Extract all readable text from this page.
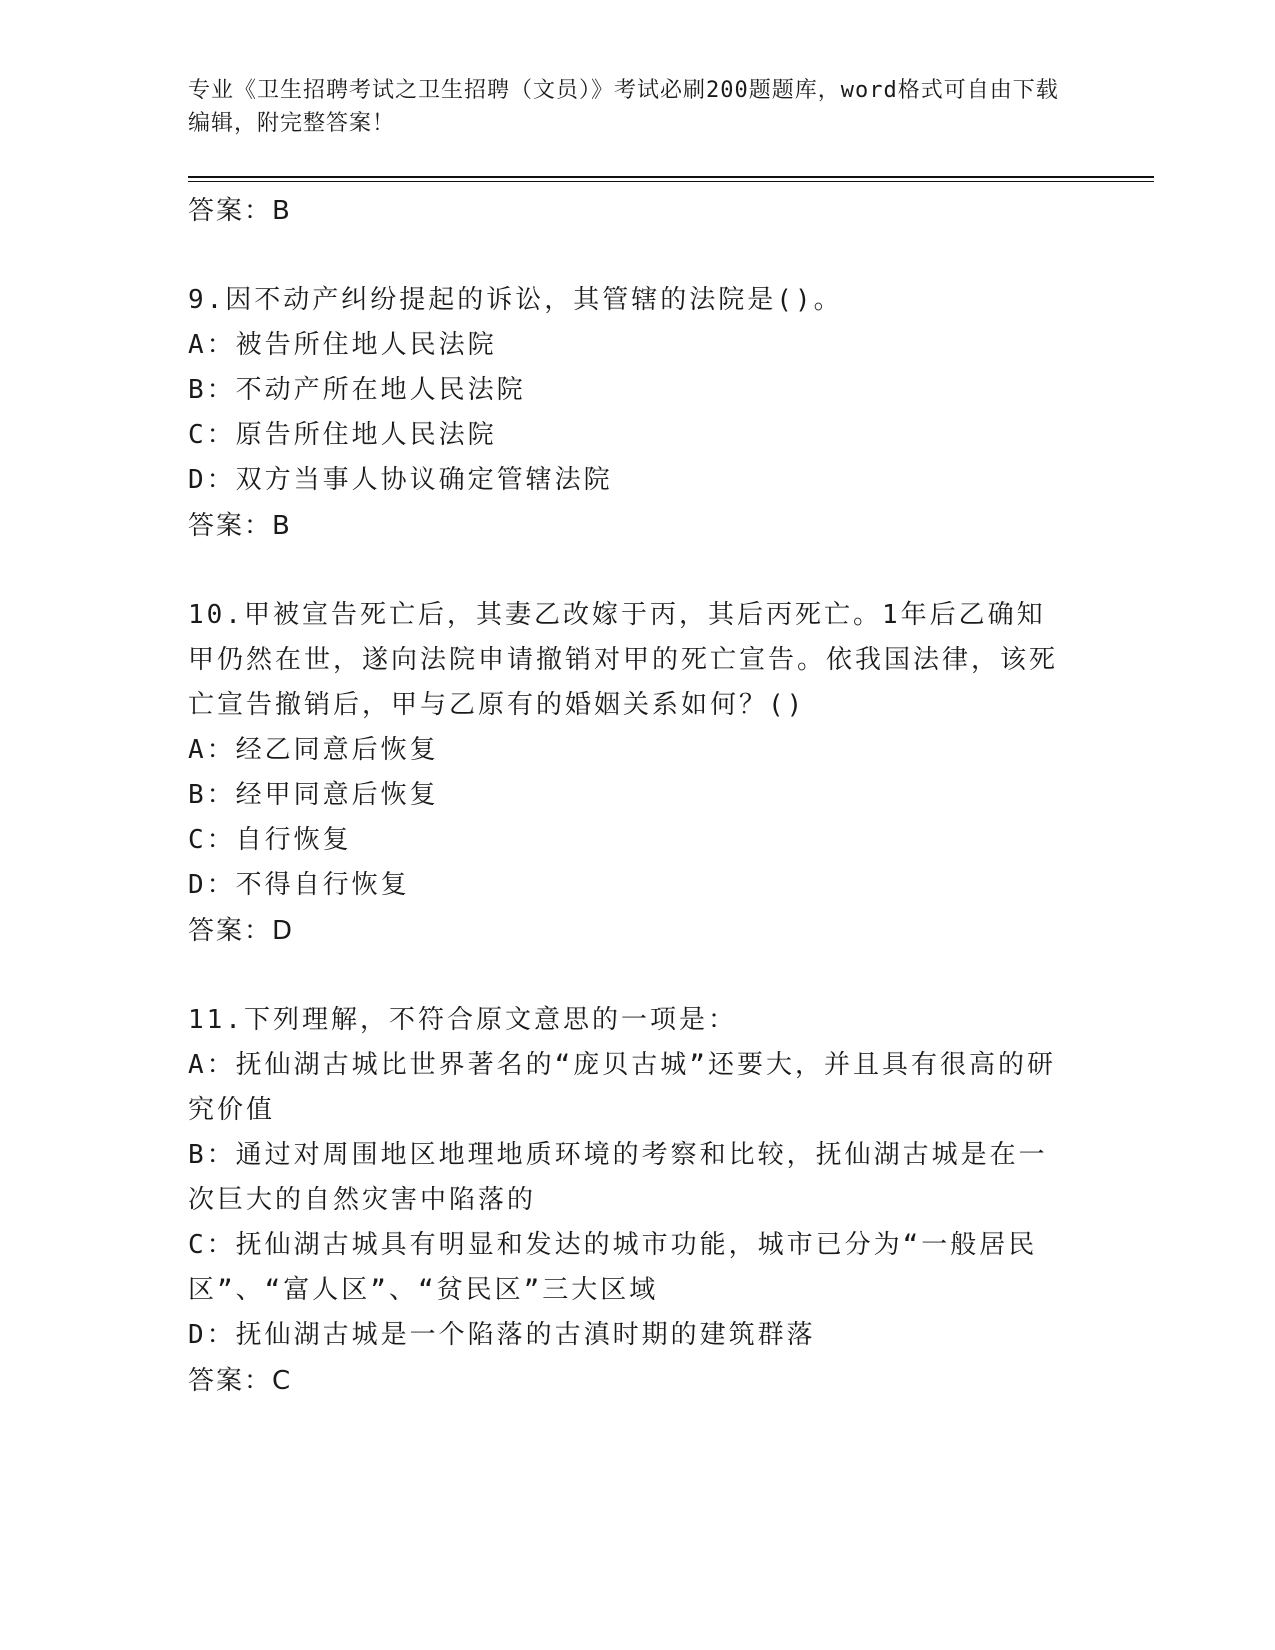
专业《卫生招聘考试之卫生招聘（文员）》考试必刷200题题库，word格式可自由下载编辑，附完整答案！
答案：B
9.因不动产纠纷提起的诉讼，其管辖的法院是()。
A：被告所住地人民法院
B：不动产所在地人民法院
C：原告所住地人民法院
D：双方当事人协议确定管辖法院
答案：B
10.甲被宣告死亡后，其妻乙改嫁于丙，其后丙死亡。1年后乙确知甲仍然在世，遂向法院申请撤销对甲的死亡宣告。依我国法律，该死亡宣告撤销后，甲与乙原有的婚姻关系如何？()
A：经乙同意后恢复
B：经甲同意后恢复
C：自行恢复
D：不得自行恢复
答案：D
11.下列理解，不符合原文意思的一项是：
A：抚仙湖古城比世界著名的“庞贝古城”还要大，并且具有很高的研究价值
B：通过对周围地区地理地质环境的考察和比较，抚仙湖古城是在一次巨大的自然灾害中陷落的
C：抚仙湖古城具有明显和发达的城市功能，城市已分为“一般居民区”、“富人区”、“贫民区”三大区域
D：抚仙湖古城是一个陷落的古滇时期的建筑群落
答案：C
